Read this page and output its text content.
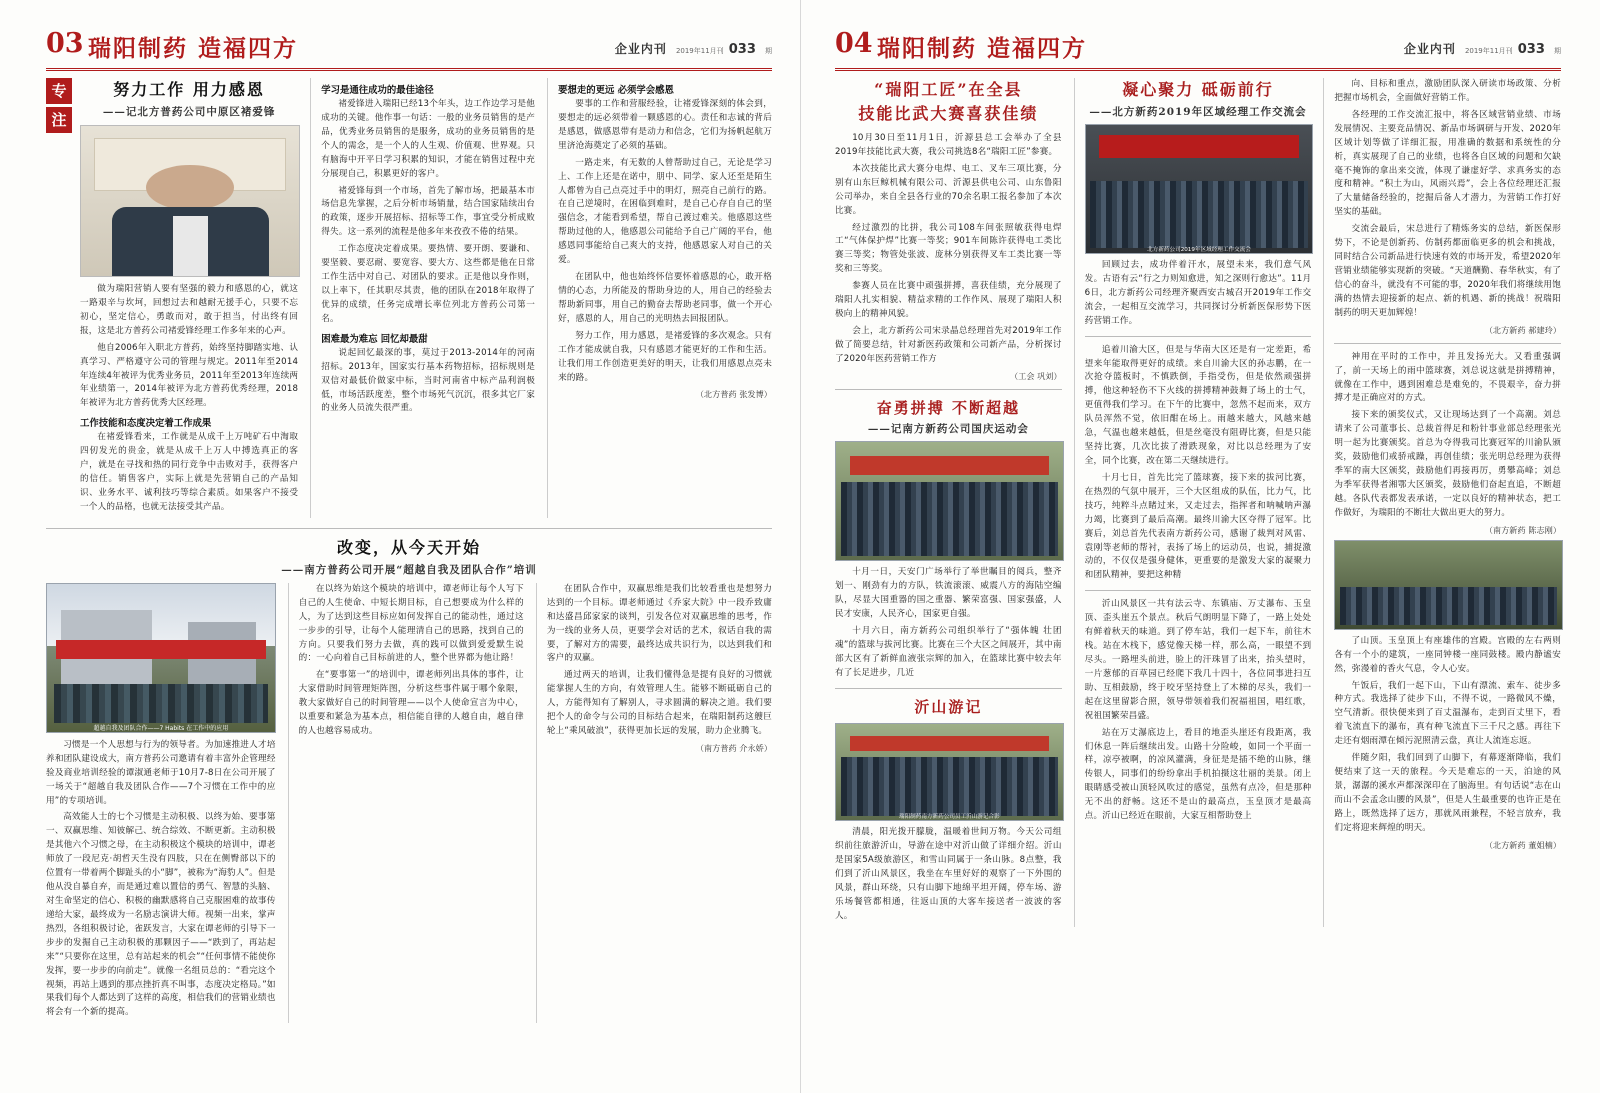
03 瑞阳制药 造福四方	企业内刊 2019年11月刊 033 期
专
注
努力工作 用力感恩
——记北方普药公司中原区褚爱锋

做为瑞阳营销人要有坚强的毅力和感恩的心，就这一路艰辛与坎坷，回想过去和越耐无援手心，只要不忘初心，坚定信心，勇敢而对，敢于担当，付出终有回报，这是北方普药公司褚爱锋经理工作多年来的心声。

他自2006年入职北方普药，始终坚持脚踏实地、认真学习、严格遵守公司的管理与规定。2011年至2014年连续4年被评为优秀业务员，2011年至2013年连续两年业绩第一，2014年被评为北方普药优秀经理，2018年被评为北方普药优秀大区经理。

工作技能和态度决定着工作成果

在褚爱锋看来，工作就是从成千上万吨矿石中淘取四仞发光的贵金，就是从成千上万人中搏选真正的客户，就是在寻找和热的同行竞争中击败对手，获得客户的信任。销售客户，实际上就是先营销自己的产品知识、业务水平、诚利技巧等综合素质。如果客户不接受一个人的品格，也就无法接受其产品。

学习是通往成功的最佳途径

褚爱锋进入瑞阳已经13个年头，边工作边学习是他成功的关键。他作事一句话：一般的业务员销售的是产品，优秀业务员销售的是服务，成功的业务员销售的是个人的需念，是一个人的人生观、价值观、世界观。只有脑海中开平日学习积累的知识，才能在销售过程中充分展现自己，积累更好的客户。

褚爱锋每到一个市场，首先了解市场，把最基本市场信息先掌握，之后分析市场销量，结合国家陆续出台的政策，逐步开展招标、招标等工作，事宜受分析成败得失。这一系列的流程是他多年来孜孜不倦的结果。

工作态度决定着成果。要热情、要开朗、要谦和、要坚毅、要忍耐、要宽容、要大方、这些都是他在日常工作生活中对自己、对团队的要求。正是他以身作则，以上率下，任其职尽其责，他的团队在2018年取得了优异的成绩，任务完成增长率位列北方普药公司第一名。

困难最为难忘 回忆却最甜

说起回忆最深的事，莫过于2013-2014年的河南招标。2013年，国家实行基本药物招标，招标规则是双信对最低价做家中标，当时河南省中标产品利润极低，市场活跃度差，整个市场死气沉沉，很多其它厂家的业务人员流失很严重。

要想走的更远 必须学会感恩

要事的工作和营服经验，让褚爱锋深刻的体会到，要想走的远必须带着一颗感恩的心。责任和志诚的背后是感恩，做感恩带有是动力和信念，它们为扬帆起航万里济沧海奠定了必须的基础。

一路走来，有无数的人曾帮助过自己，无论是学习上、工作上还是在诺中，朋中、同学、家人还至是陌生人都曾为自己点亮过手中的明灯，照亮自己前行的路。在自己逆境时，在困临到难时，是自己心存自自己的坚强信念，才能看到希望，帮自己渡过难关。他感恩这些帮助过他的人，他感恩公司能给予自己广阔的平台，他感恩同事能给自己爽大的支持，他感恩家人对自己的关爱。

在团队中，他也始终怀信要怀着感恩的心，敢开格情的心态，力所能及的帮助身边的人，用自己的经验去帮助新同事，用自己的勤奋去帮助老同事，做一个开心好，感恩的人，用自己的光明热去回报团队。

努力工作，用力感恩，是褚爱锋的多次观念。只有工作才能成就自我，只有感恩才能更好的工作和生活。让我们用工作创造更美好的明天，让我们用感恩点亮未来的路。

（北方普药 张发博）
改变，从今天开始
——南方普药公司开展“超越自我及团队合作”培训
超越自我及团队合作——7 Habits 在工作中的应用

习惯是一个人思想与行为的领导者。为加速推进人才培养和团队建设成大，南方普药公司邀请有着丰富外企管理经验及商业培训经验的谭淑通老师于10月7-8日在公司开展了一场关于“超越自我及团队合作——7个习惯在工作中的应用”的专项培训。

高效能人士的七个习惯是主动积极、以终为始、要事第一、双赢思维、知彼解己、统合综效、不断更新。主动积极是其他六个习惯之母，在主动积极这个模块的培训中，谭老师放了一段尼克·胡哲天生没有四肢，只在在侧臀部以下的位置有一带着两个脚趾头的小“脚”，被称为“海豹人”。但是他从没自暴自弃，而是通过难以置信的勇气、智慧的头脑、对生命坚定的信心、积极的幽默感将自己克服困难的故事传递给大家，最终成为一名励志演讲大师。视频一出来，掌声热烈，各组积极讨论，雀跃发言，大家在谭老师的引导下一步步的发掘自己主动积极的那颗因子——“跌到了，再站起来”“只要你在这里，总有站起来的机会”“任何事情不能使你发挥，要一步步的向前走”。就像一名组员总的：“看完这个视频，再站上遇到的那点挫折真不叫事，态度决定格局。”如果我们每个人都达到了这样的高度，相信我们的营销业绩也将会有一个新的提高。

在以终为始这个模块的培训中，谭老师让每个人写下自己的人生使命、中短长期目标，自己想要成为什么样的人，为了达到这些目标应如何发挥自己的能动性，通过这一步步的引导，让每个人能理清自己的思路，找到自己的方向。只要我们努力去做，真的践可以做到爱爱默生说的：一心向着自己目标前进的人，整个世界都为他让路！

在“要事第一”的培训中，谭老师列出具体的事件，让大家借助时间管理矩阵图，分析这些事件属于哪个象限，教大家做好自己的时间管理——以个人使命宣言为中心，以重要和紧急为基本点，相信能自律的人越自由，越自律的人也越容易成功。

在团队合作中，双赢思维是我们比较看重也是想努力达到的一个目标。谭老师通过《乔家大院》中一段乔致庸和达盛昌邱家家的谈判，引发各位对双赢思维的思考，作为一线的业务人员，更要学会对话的艺术，叙话自我的需要，了解对方的需要，最终达成共识行为，以达到我们和客户的双赢。

通过两天的培训，让我们懂得急是提有良好的习惯就能掌握人生的方向，有效管理人生。能够不断砥砺自己的人，方能得知有了解别人，寻求圆满的解决之道。我们要把个人的命令与公司的目标结合起来，在瑞阳制药这艘巨轮上“乘风破浪”，获得更加长远的发展，助力企业腾飞。

（南方普药 介永娇）
04 瑞阳制药 造福四方	企业内刊 2019年11月刊 033 期
“瑞阳工匠”在全县
技能比武大赛喜获佳绩

10月30日至11月1日，沂源县总工会举办了全县2019年技能比武大赛，我公司挑选8名“瑞阳工匠”参赛。

本次技能比武大赛分电焊、电工、叉车三项比赛，分别有山东巨鲸机械有限公司、沂源县供电公司、山东鲁阳公司举办，来自全县各行业的70余名职工报名参加了本次比赛。

经过激烈的比拼，我公司108车间张照敏获得电焊工“气体保护焊”比赛一等奖；901车间陈许获得电工类比赛三等奖；物管处张波、庞林分别获得叉车工类比赛一等奖和三等奖。

参赛人员在比赛中顽强拼搏，喜获佳绩，充分展现了瑞阳人扎实相貌、精益求精的工作作风、展现了瑞阳人积极向上的精神风貌。

会上，北方新药公司宋录晶总经理首先对2019年工作做了简要总结，针对新医药政策和公司新产品，分析探讨了2020年医药营销工作方

（工会 巩刘）
奋勇拼搏 不断超越
——记南方新药公司国庆运动会

十月一日，天安门广场举行了举世瞩目的阅兵，整齐划一、刚劲有力的方队，铁流滚滚、威震八方的海陆空编队，尽显大国重器的国之重器、繁荣富强、国家强盛，人民才安康，人民齐心，国家更自强。

十月六日，南方新药公司组织举行了“强体魄 壮团魂”的篮球与拔河比赛。比赛在三个大区之间展开，其中南部大区有了新鲜血液张宗辉的加入，在篮球比赛中较去年有了长足进步，几近

沂山游记
瑞阳制药南方新药公司员工沂山游记合影

清晨，阳光拨开朦胧，温暖着世间万物。今天公司组织前往旅游沂山，导游在途中对沂山做了详细介绍。沂山是国家5A级旅游区，和雪山同属于一条山脉。8点整，我们到了沂山风景区，我坐在车里好好的观察了一下外围的风景，群山环绕，只有山脚下地绵平坦开阔，停车场、游乐场餐管都相通，往返山顶的大客车接送者一波波的客人。

凝心聚力 砥砺前行
——北方新药2019年区域经理工作交流会
北方新药公司2019年区域经理工作交流会

回顾过去，成功伴着汗水，展望未来，我们意气风发。古语有云“行之力则知愈进，知之深则行愈达”。11月6日，北方新药公司经理齐聚西安古城召开2019年工作交流会，一起相互交流学习，共同探讨分析新医保形势下医药营销工作。

追着川渝大区，但是与华南大区还是有一定差距，希望来年能取得更好的成绩。来自川渝大区的孙志鹏，在一次抢夺篮板时，不慎跌倒，手指受伤，但是依然顽强拼搏，他这种轻伤不下火线的拼搏精神鼓舞了场上的士气，更值得我们学习。在下午的比赛中，忽然不起而来，双方队员浑然不觉，依旧酣在场上。雨越来越大，风越来越急，气温也越来越低，但是丝毫没有阻碍比赛，但是只能坚持比赛，几次比拔了滑跌现象，对比以总经理为了安全，同个比赛，改在第二天继续进行。

十月七日，首先比完了篮球赛，接下来的拔河比赛，在热烈的气氛中展开，三个大区组成的队伍，比力气，比技巧，纯粹斗点睹过来，又走过去，指挥者和呐喊呐声瀑力竭，比赛到了最后高潮。最终川渝大区夺得了冠军。比赛后，刘总首先代表南方新药公司，感谢了裁判对风雷、袁刚等老师的帮衬，表扬了场上的运动员，也说，捕捉激动的，不仅仅是强身健体，更重要的是激发大家的凝聚力和团队精神，要把这种精

沂山风景区一共有法云寺、东镇庙、万丈瀑布、玉皇顶、歪头崖五个景点。秋后气朗明显下降了，一路上处处有鲜着秋天的味道。到了停车站，我们一起下车，前往木栈。站在木栈下，感觉像天梯一样，那么高，一眼望不到尽头。一路埋头前进，脸上的汗珠冒了出来，抬头望时，一片葱郁的百草园已经爬下我几十四十，各位同事进扫互助、互相鼓励，终于咬牙坚持登上了木梯的尽头，我们一起在这里留影合照，领导带领着我们祝福祖国，唱红歌，祝祖国繁荣昌盛。

站在万丈瀑底边上，看目的地歪头崖还有段距离，我们休息一阵后继续出发。山路十分险峻，如同一个平面一样，凉亭被啊，的凉风灌满，身征是是插不绝的山脉，继传银人，同事们的纷纷拿出手机拍摄这壮丽的美景。闭上眼睛感受被山顶轻风吹过的感觉，虽然有点冷，但是那种无不出的舒畅。这还不是山的最高点，玉皇顶才是最高点。沂山已经近在眼前，大家互相帮助登上

向、目标和重点，激励团队深入研读市场政策、分析把握市场机会，全面做好营销工作。

各经理的工作交流汇报中，将各区域营销业绩、市场发展情况、主要竞品情况、新品市场调研与开发、2020年区域计划等做了详细汇报，用准确的数据和系统性的分析，真实展现了自己的业绩，也将各自区域的问题和欠缺毫不掩饰的拿出来交流，体现了谦虚好学、求真务实的态度和精神。“积土为山，风雨兴焉”，会上各位经理还汇报了大量储备经验的，挖掘后备人才潜力，为营销工作打好坚实的基础。

交流会最后，宋总进行了精炼务实的总结，新医保形势下，不论是创新药、仿制药都面临更多的机会和挑战，同时结合公司新品进行快速有效的市场开发，希望2020年营销业绩能够实现新的突破。“天道酬勤、春华秋实，有了信心的奋斗，就没有不可能的事，2020年我们将继续用饱满的热情去迎接新的起点、新的机遇、新的挑战！祝瑞阳制药的明天更加辉煌！

（北方新药 郝建玲）

神用在平时的工作中，并且发扬光大。又看重强调了，前一天场上的雨中篮球赛，刘总说这就是拼搏精神，就像在工作中，遇到困难总是难免的，不畏艰辛，奋力拼搏才是正确应对的方式。

接下来的颁奖仪式，又让现场达到了一个高潮。刘总请来了公司董事长、总裁首得足和粉针事业部总经理张光明一起为比赛颁奖。首总为夺得我司比赛冠军的川渝队颁奖，鼓励他们戒骄戒躁，再创佳绩；张光明总经理为获得季军的南大区颁奖，鼓励他们再接再厉，勇攀高峰；刘总为季军获得者湘鄂大区颁奖，鼓励他们奋起直追，不断超越。各队代表都发表承诺，一定以良好的精神状态，把工作做好，为瑞阳的不断壮大做出更大的努力。

（南方新药 陈志刚）

了山顶。玉皇顶上有座雄伟的宫殿。宫殿的左右两则各有一个小的建筑，一座同钟楼一座同鼓楼。殿内静谧安然，弥漫着的香火气息，令人心安。

午饭后，我们一起下山，下山有漂流、索车、徒步多种方式。我选择了徒步下山，不得不说，一路微风不燥，空气清新。很快便来到了百丈温瀑布，走到百丈里下，看着飞流直下的瀑布，真有种飞流直下三千尺之感。再往下走还有烟雨潭在倾污泥照清云盘，真让人流连忘返。

伴随夕阳，我们回到了山脚下，有幕逐渐降临，我们便结束了这一天的旅程。今天是难忘的一天，泊途的风景，潺潺的溪水声都深深印在了脑海里。有句话说“志在山而山不会孟念山腰的风景”，但是人生最重要的也许正是在路上，既然选择了远方，那就风雨兼程，不轻言放弃，我们定将迎来辉煌的明天。

（北方新药 董姐楠）
